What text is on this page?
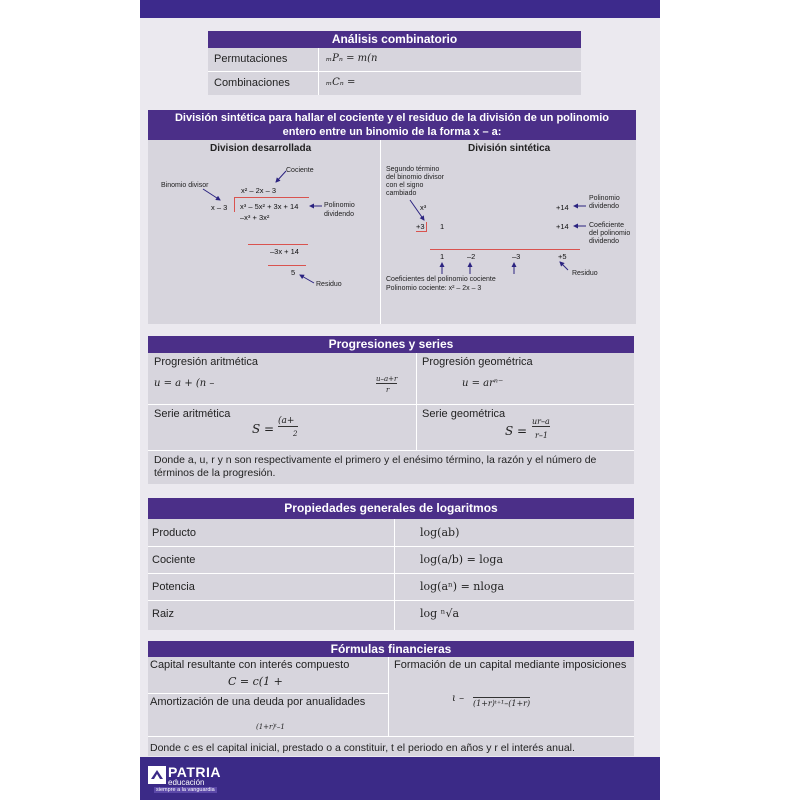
Análisis combinatorio
Permutaciones	ₘPₙ = m(n
Combinaciones	ₘCₙ =
División sintética para hallar el cociente y el residuo de la división de un polinomio
entero entre un binomio de la forma x – a:
Division desarrollada
Cociente
Binomio divisor
x² – 2x – 3
x – 3 x³ – 5x² + 3x + 14	Polinomio
dividendo
–x³ + 3x²
–3x + 14
5
Residuo
División sintética
Segundo término
del binomio divisor
con el signo
cambiado
x³	+14
Polinomio
dividendo
+3 1	+14	Coeficiente
del polinomio
dividendo
1	–2	–3	+5
Residuo
Coeficientes del polinomio cociente
Polinomio cociente: x² – 2x – 3
Progresiones y series
Progresión aritmética
u = a + (n –	u–a+r
r
Progresión geométrica
u = arⁿ⁻
Serie aritmética
S =
(a+
2
Serie geométrica
S =
ur–a
r–1
Donde a, u, r y n son respectivamente el primero y el enésimo término, la razón y el número de
términos de la progresión.
Propiedades generales de logaritmos
Producto	log(ab)
Cociente	log(a/b) = loga
Potencia	log(aⁿ) = nloga
Raiz	log ⁿ√a
Fórmulas financieras
Capital resultante con interés compuesto
C = c(1 +
Formación de un capital mediante imposiciones
ι – (1+r)ᵗ⁺¹–(1+r)
Amortización de una deuda por anualidades
(1+r)ᵗ–1
Donde c es el capital inicial, prestado o a constituir, t el periodo en años y r el interés anual.
PATRIA
educación
siempre a la vanguardia
